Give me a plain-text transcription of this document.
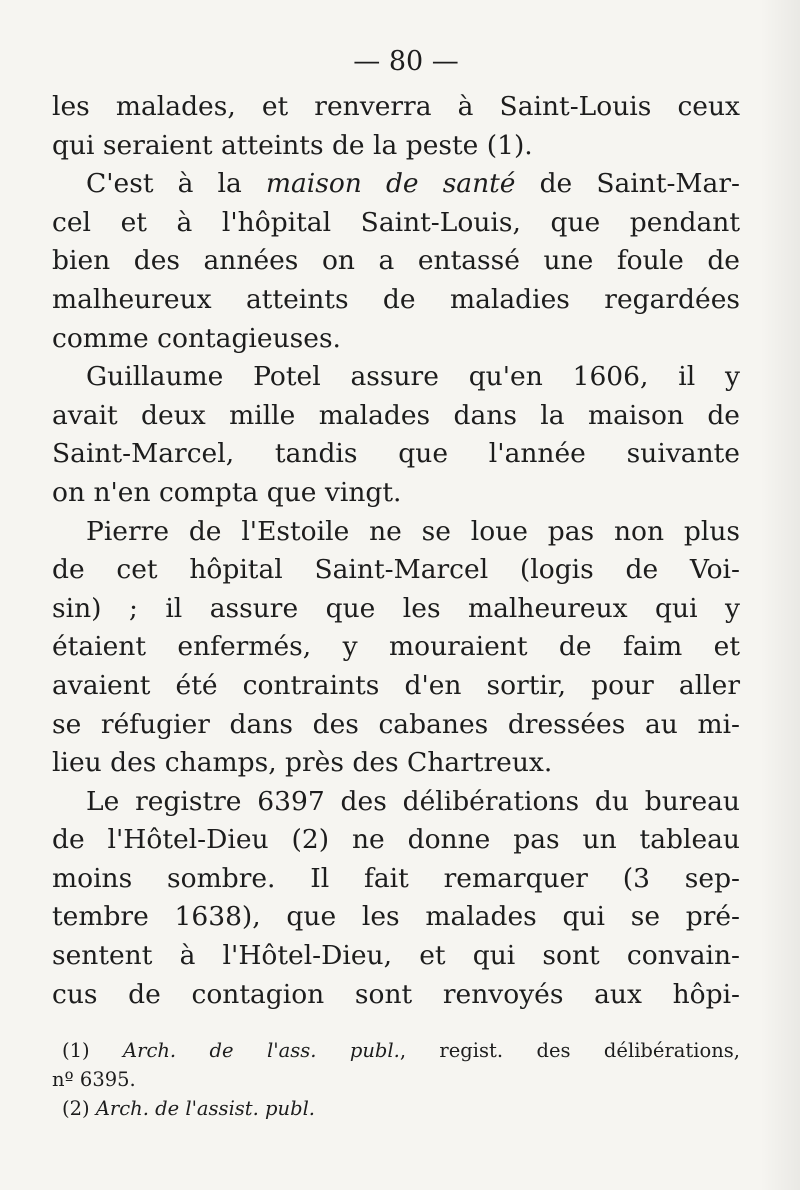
— 80 —

les malades, et renverra à Saint-Louis ceux
qui seraient atteints de la peste (1).

C'est à la maison de santé de Saint-Mar-
cel et à l'hôpital Saint-Louis, que pendant
bien des années on a entassé une foule de
malheureux atteints de maladies regardées
comme contagieuses.

Guillaume Potel assure qu'en 1606, il y
avait deux mille malades dans la maison de
Saint-Marcel, tandis que l'année suivante
on n'en compta que vingt.

Pierre de l'Estoile ne se loue pas non plus
de cet hôpital Saint-Marcel (logis de Voi-
sin) ; il assure que les malheureux qui y
étaient enfermés, y mouraient de faim et
avaient été contraints d'en sortir, pour aller
se réfugier dans des cabanes dressées au mi-
lieu des champs, près des Chartreux.

Le registre 6397 des délibérations du bureau
de l'Hôtel-Dieu (2) ne donne pas un tableau
moins sombre. Il fait remarquer (3 sep-
tembre 1638), que les malades qui se pré-
sentent à l'Hôtel-Dieu, et qui sont convain-
cus de contagion sont renvoyés aux hôpi-

(1) Arch. de l'ass. publ., regist. des délibérations,
nº 6395.

(2) Arch. de l'assist. publ.
